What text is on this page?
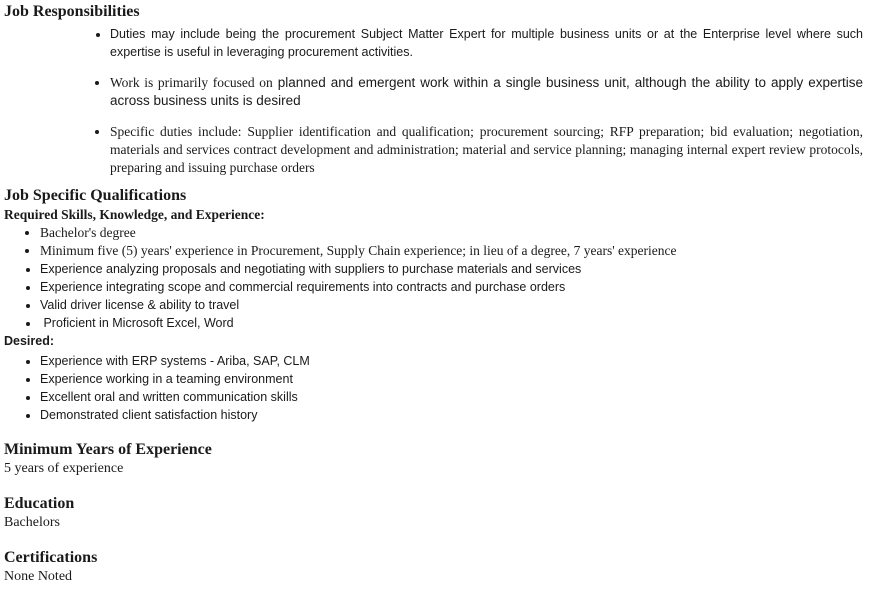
Job Responsibilities
• Duties may include being the procurement Subject Matter Expert for multiple business units or at the Enterprise level where such expertise is useful in leveraging procurement activities.
• Work is primarily focused on planned and emergent work within a single business unit, although the ability to apply expertise across business units is desired
• Specific duties include: Supplier identification and qualification; procurement sourcing; RFP preparation; bid evaluation; negotiation, materials and services contract development and administration; material and service planning; managing internal expert review protocols, preparing and issuing purchase orders
Job Specific Qualifications
Required Skills, Knowledge, and Experience:
• Bachelor's degree
• Minimum five (5) years' experience in Procurement, Supply Chain experience; in lieu of a degree, 7 years' experience
• Experience analyzing proposals and negotiating with suppliers to purchase materials and services
• Experience integrating scope and commercial requirements into contracts and purchase orders
• Valid driver license & ability to travel
•  Proficient in Microsoft Excel, Word
Desired:
• Experience with ERP systems - Ariba, SAP, CLM
• Experience working in a teaming environment
• Excellent oral and written communication skills
• Demonstrated client satisfaction history
Minimum Years of Experience
5 years of experience
Education
Bachelors
Certifications
None Noted
